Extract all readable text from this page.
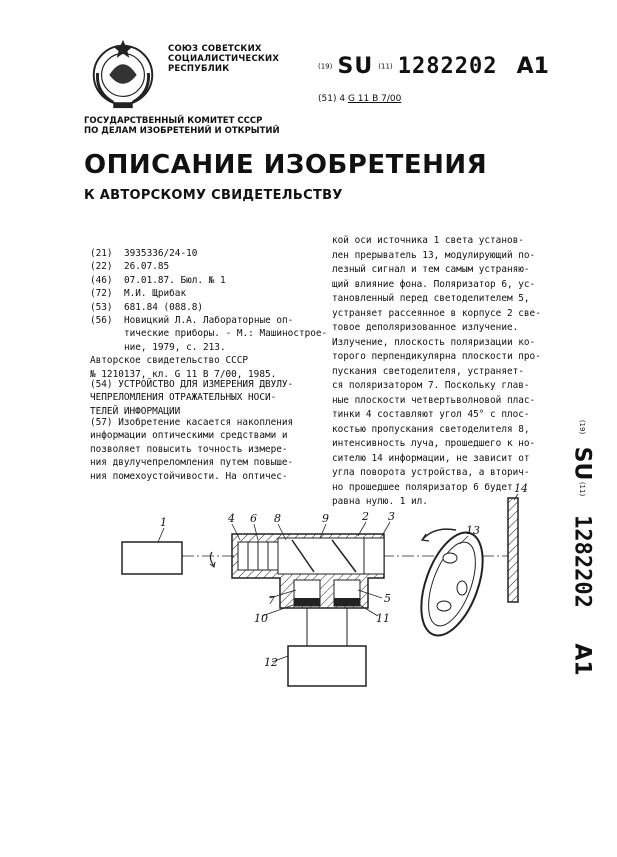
СОЮЗ СОВЕТСКИХ
СОЦИАЛИСТИЧЕСКИХ
РЕСПУБЛИК	(19) SU (11) 1282202 A1
(51) 4 G 11 B 7/00
ГОСУДАРСТВЕННЫЙ КОМИТЕТ СССР
ПО ДЕЛАМ ИЗОБРЕТЕНИЙ И ОТКРЫТИЙ
ОПИСАНИЕ ИЗОБРЕТЕНИЯ
К АВТОРСКОМУ СВИДЕТЕЛЬСТВУ
(21) 3935336/24-10
(22) 26.07.85
(46) 07.01.87. Бюл. № 1
(72) М.И. Щрибак
(53) 681.84 (088.8)
(56) Новицкий Л.А. Лабораторные оп-
тические приборы. - М.: Машинострое-
ние, 1979, с. 213.
Авторское свидетельство СССР
№ 1210137, кл. G 11 B 7/00, 1985.
(54) УСТРОЙСТВО ДЛЯ ИЗМЕРЕНИЯ ДВУЛУ-
ЧЕПРЕЛОМЛЕНИЯ ОТРАЖАТЕЛЬНЫХ НОСИ-
ТЕЛЕЙ ИНФОРМАЦИИ
(57) Изобретение касается накопления
информации оптическими средствами и
позволяет повысить точность измере-
ния двулучепреломления путем повыше-
ния помехоустойчивости. На оптичес-
кой оси источника 1 света установ-
лен прерыватель 13, модулирующий по-
лезный сигнал и тем самым устраняю-
щий влияние фона. Поляризатор 6, ус-
тановленный перед светоделителем 5,
устраняет рассеянное в корпусе 2 све-
товое деполяризованное излучение.
Излучение, плоскость поляризации ко-
торого перпендикулярна плоскости про-
пускания светоделителя, устраняет-
ся поляризатором 7. Поскольку глав-
ные плоскости четвертьволновой плас-
тинки 4 составляют угол 45° с плос-
костью пропускания светоделителя 8,
интенсивность луча, прошедшего к но-
сителю 14 информации, не зависит от
угла поворота устройства, а вторич-
но прошедшее поляризатор 6 будет
равна нулю. 1 ил.
(19)
SU
(11)
1282202
A1
1	4 6 8	9	2 3
13
14
7	5
10	11
12
